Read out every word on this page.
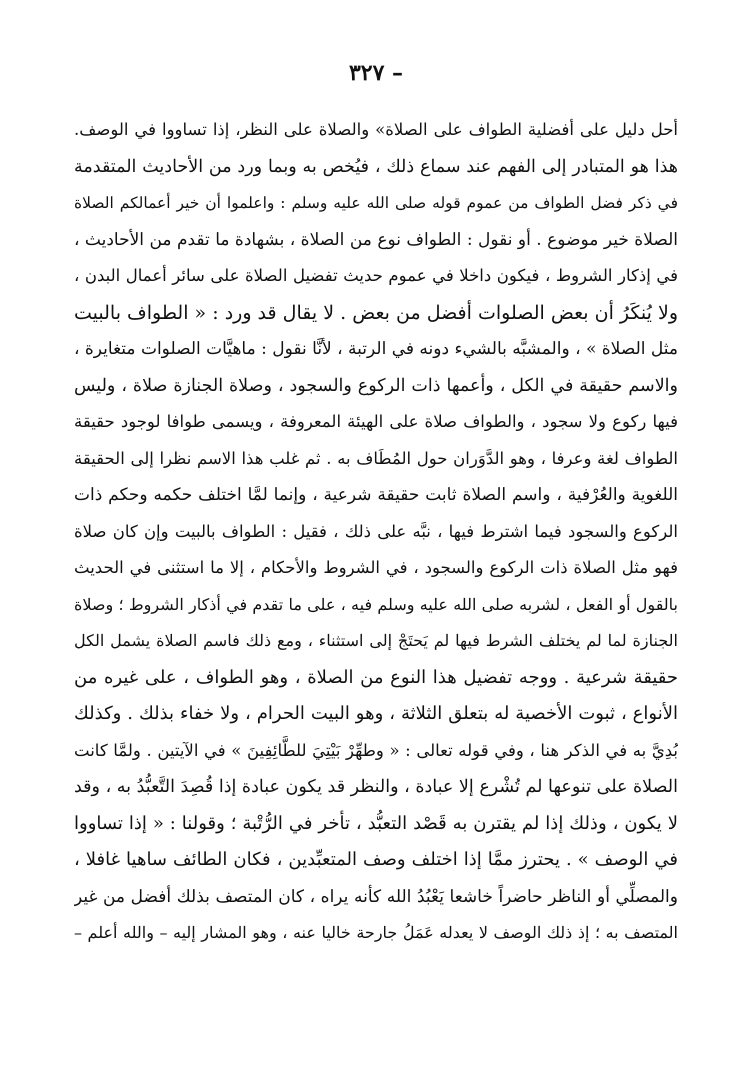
– ٣٢٧
أحل دليل على أفضلية الطواف على الصلاة» والصلاة على النظر، إذا تساووا في الوصف.
هذا هو المتبادر إلى الفهم عند سماع ذلك ، فيُخص به وبما ورد من الأحاديث المتقدمة
في ذكر فضل الطواف من عموم قوله صلى الله عليه وسلم : واعلموا أن خير أعمالكم الصلاة
الصلاة خير موضوع . أو نقول : الطواف نوع من الصلاة ، بشهادة ما تقدم من الأحاديث ،
في إذكار الشروط ، فيكون داخلا في عموم حديث تفضيل الصلاة على سائر أعمال البدن ،
ولا يُنكَرُ أن بعض الصلوات أفضل من بعض . لا يقال قد ورد : « الطواف بالبيت
مثل الصلاة » ، والمشبَّه بالشيء دونه في الرتبة ، لأنَّا نقول : ماهيَّات الصلوات متغايرة ،
والاسم حقيقة في الكل ، وأعمها ذات الركوع والسجود ، وصلاة الجنازة صلاة ، وليس
فيها ركوع ولا سجود ، والطواف صلاة على الهيئة المعروفة ، ويسمى طوافا لوجود حقيقة
الطواف لغة وعرفا ، وهو الدَّوَران حول المُطَاف به . ثم غلب هذا الاسم نظرا إلى الحقيقة
اللغوية والعُرْفية ، واسم الصلاة ثابت حقيقة شرعية ، وإنما لمَّا اختلف حكمه وحكم ذات
الركوع والسجود فيما اشترط فيها ، نبَّه على ذلك ، فقيل : الطواف بالبيت وإن كان صلاة
فهو مثل الصلاة ذات الركوع والسجود ، في الشروط والأحكام ، إلا ما استثنى في الحديث
بالقول أو الفعل ، لشربه صلى الله عليه وسلم فيه ، على ما تقدم في أذكار الشروط ؛ وصلاة
الجنازة لما لم يختلف الشرط فيها لم يَحتَجْ إلى استثناء ، ومع ذلك فاسم الصلاة يشمل الكل
حقيقة شرعية . ووجه تفضيل هذا النوع من الصلاة ، وهو الطواف ، على غيره من
الأنواع ، ثبوت الأخصية له بتعلق الثلاثة ، وهو البيت الحرام ، ولا خفاء بذلك . وكذلك
بُدِيَّ به في الذكر هنا ، وفي قوله تعالى : « وطهِّرْ بَيْتِيَ للطَّائِفِينَ » في الآيتين . ولمَّا كانت
الصلاة على تنوعها لم تُشْرع إلا عبادة ، والنظر قد يكون عبادة إذا قُصِدَ التَّعبُّدُ به ، وقد
لا يكون ، وذلك إذا لم يقترن به قَصْد التعبُّد ، تأخر في الرُّتْبة ؛ وقولنا : « إذا تساووا
في الوصف » . يحترز ممَّا إذا اختلف وصف المتعبِّدين ، فكان الطائف ساهيا غافلا ،
والمصلِّي أو الناظر حاضراً خاشعا يَعْبُدُ الله كأنه يراه ، كان المتصف بذلك أفضل من غير
المتصف به ؛ إذ ذلك الوصف لا يعدله عَمَلُ جارحة خاليا عنه ، وهو المشار إليه – والله أعلم –
